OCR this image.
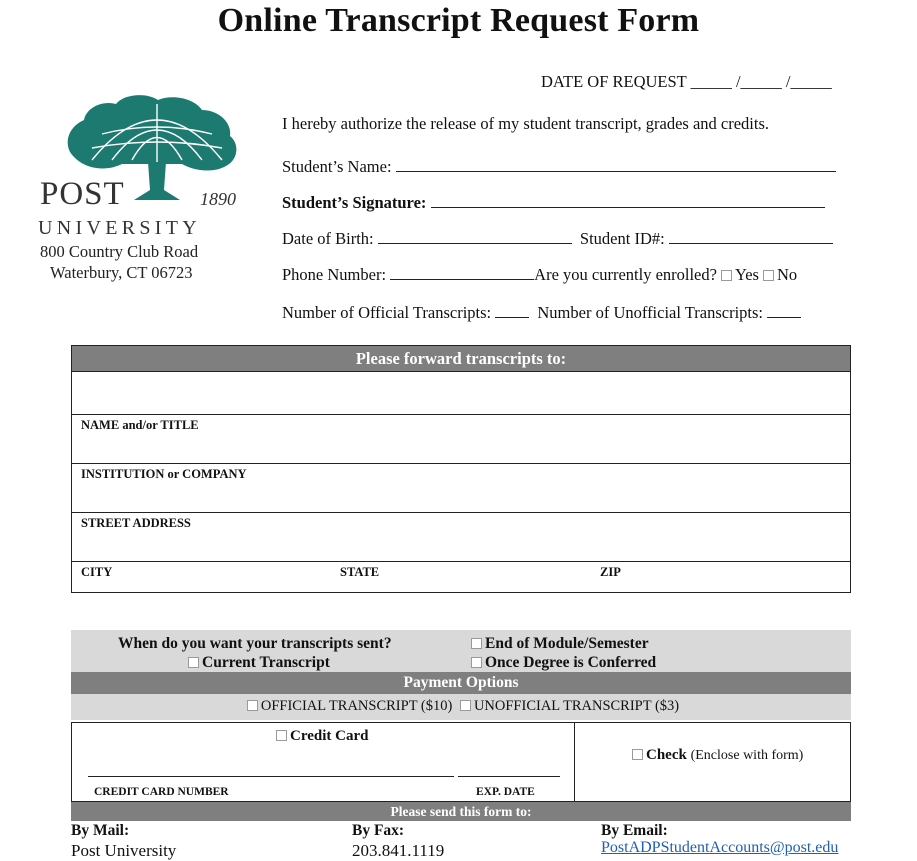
Online Transcript Request Form
POST	1890
UNIVERSITY
800 Country Club Road
Waterbury, CT 06723
DATE OF REQUEST _____ /_____ /_____
I hereby authorize the release of my student transcript, grades and credits.
Student’s Name:
Student’s Signature:
Date of Birth:	Student ID#:
Phone Number:	Are you currently enrolled? Yes No
Number of Official Transcripts:	Number of Unofficial Transcripts:
Please forward transcripts to:
NAME and/or TITLE
INSTITUTION or COMPANY
STREET ADDRESS
CITY	STATE	ZIP
When do you want your transcripts sent?
Current Transcript
End of Module/Semester
Once Degree is Conferred
Payment Options
OFFICIAL TRANSCRIPT ($10) UNOFFICIAL TRANSCRIPT ($3)
Credit Card
CREDIT CARD NUMBER	EXP. DATE
Check (Enclose with form)
Please send this form to:
By Mail:
Post University
By Fax:
203.841.1119
By Email:
PostADPStudentAccounts@post.edu
